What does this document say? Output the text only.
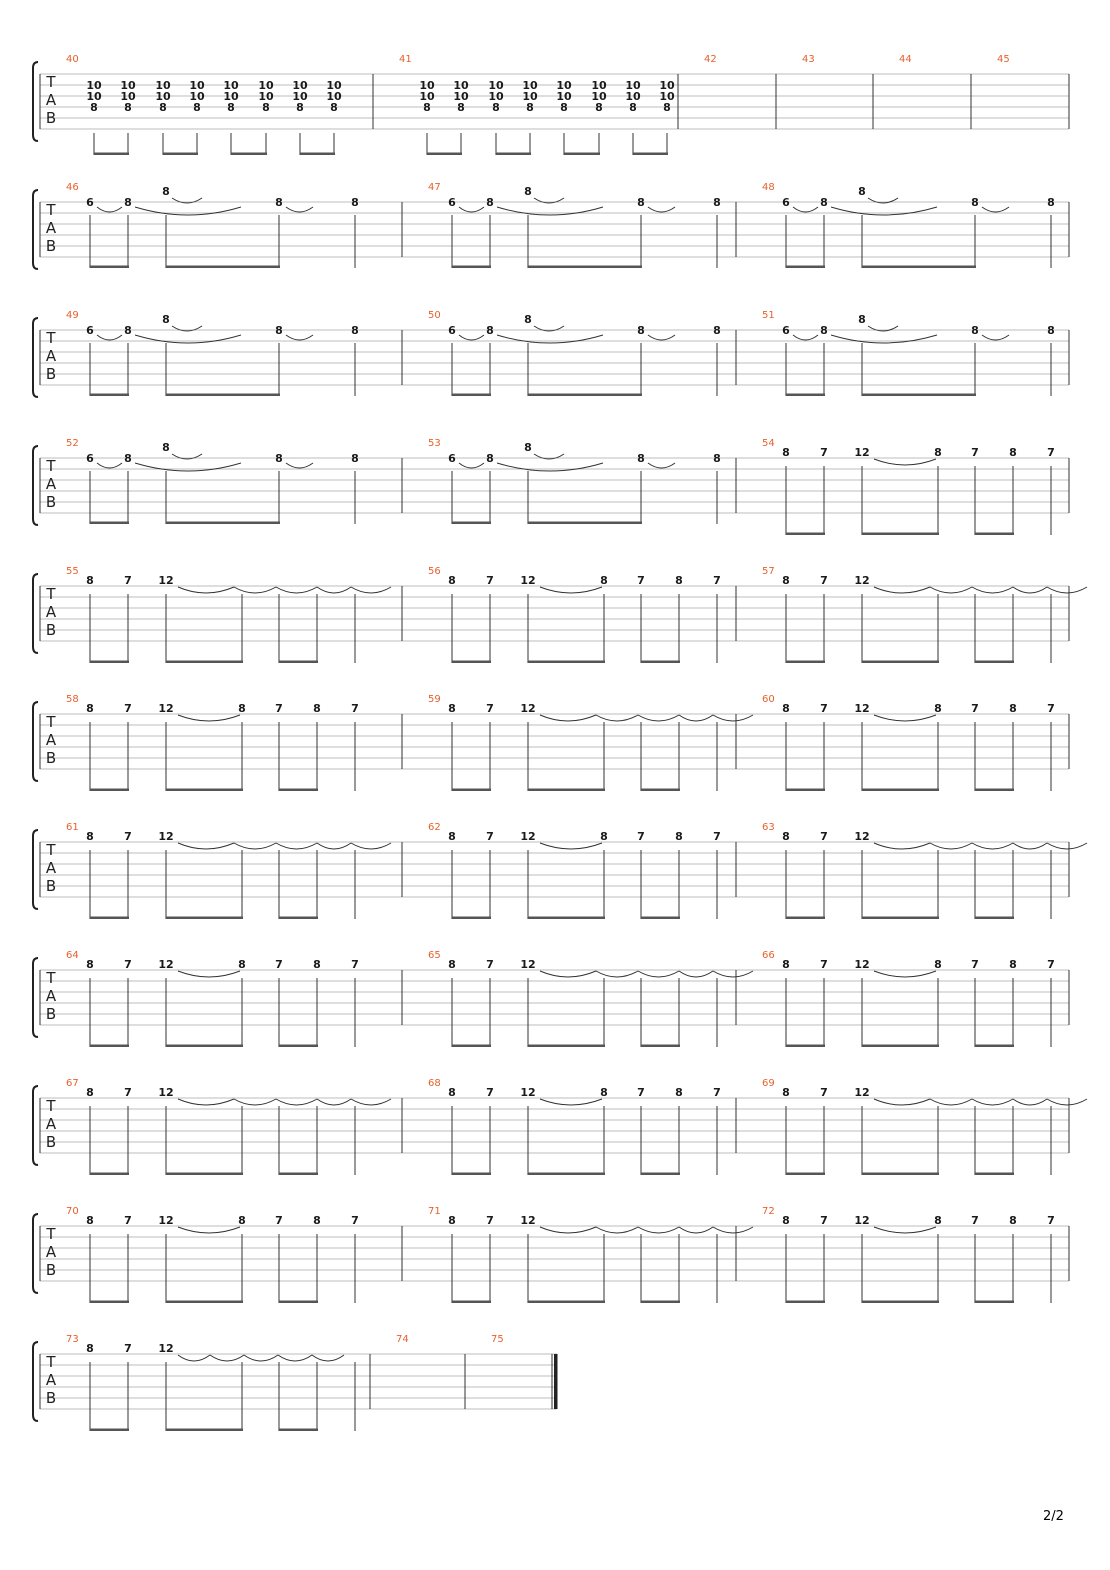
T
A
B
40
10
10
8
10
10
8
10
10
8
10
10
8
10
10
8
10
10
8
10
10
8
10
10
8
41
10
10
8
10
10
8
10
10
8
10
10
8
10
10
8
10
10
8
10
10
8
10
10
8
42	43	44	45
T
A
B
46
6	8
8
8	8
47
6	8
8
8	8
48
6	8
8
8	8
T
A
B
49
6	8
8
8	8
50
6	8
8
8	8
51
6	8
8
8	8
T
A
B
52
6	8
8
8	8
53
6	8
8
8	8
54
8	7 12	8	7	8	7
T
A
B
55
8	7 12
56
8	7 12	8	7	8	7
57
8	7 12
T
A
B
58
8	7 12	8	7	8	7
59
8	7 12
60
8	7 12	8	7	8	7
T
A
B
61
8	7 12
62
8	7 12	8	7	8	7
63
8	7 12
T
A
B
64
8	7 12	8	7	8	7
65
8	7 12
66
8	7 12	8	7	8	7
T
A
B
67
8	7 12
68
8	7 12	8	7	8	7
69
8	7 12
T
A
B
70
8	7 12	8	7	8	7
71
8	7 12
72
8	7 12	8	7	8	7
T
A
B
73
8	7 12
74	75
2/2
